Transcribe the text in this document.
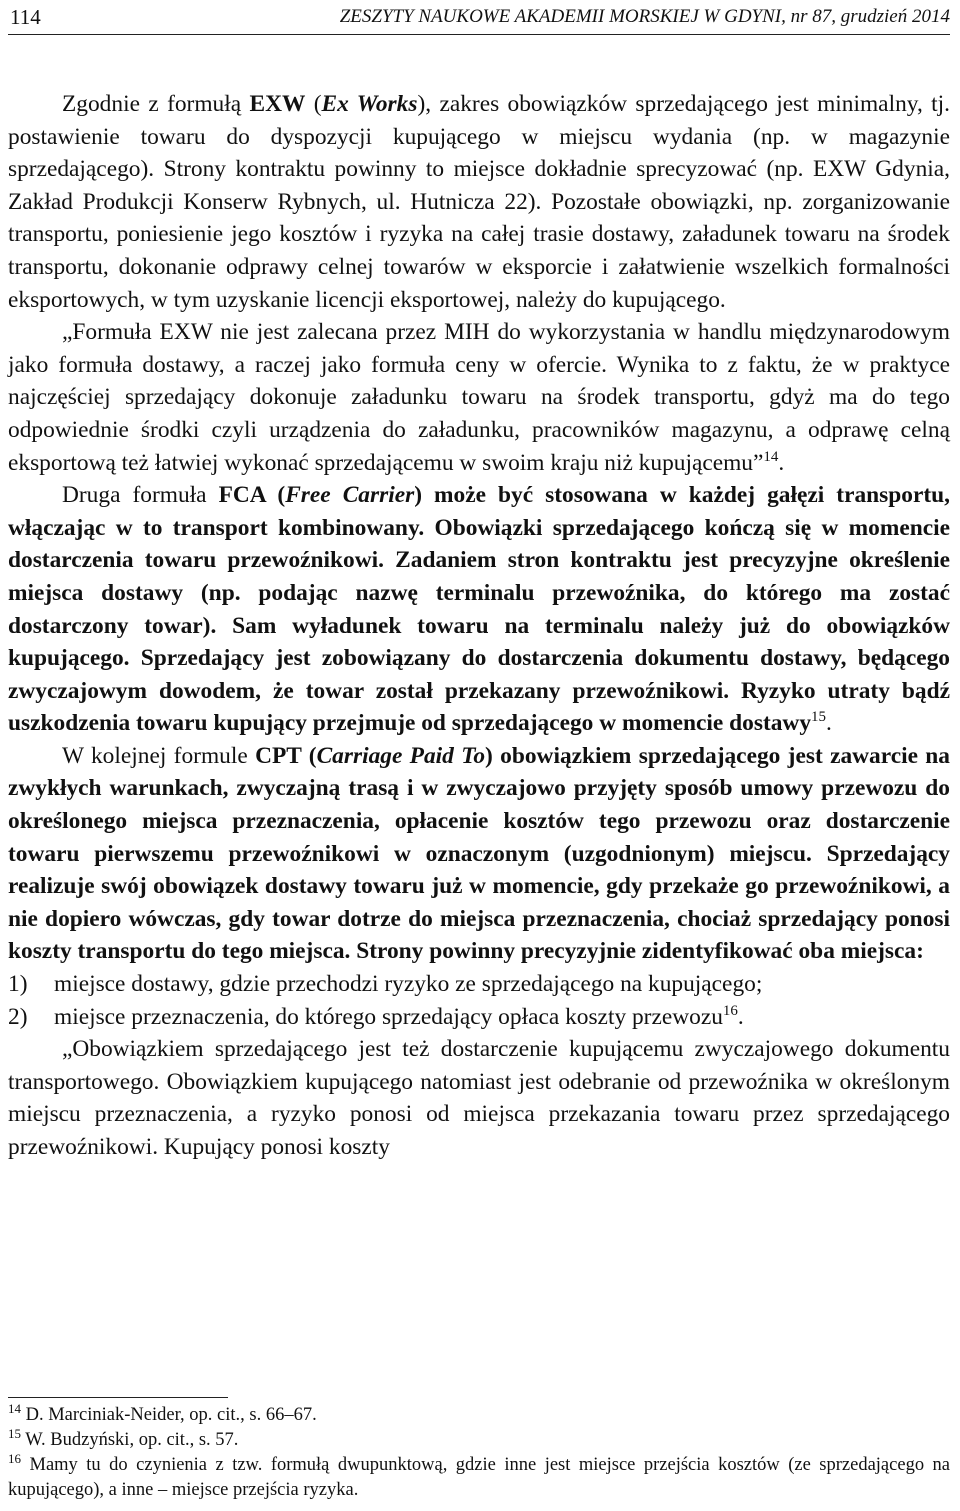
114	ZESZYTY NAUKOWE AKADEMII MORSKIEJ W GDYNI, nr 87, grudzień 2014

Zgodnie z formułą EXW (Ex Works), zakres obowiązków sprzedającego jest minimalny, tj. postawienie towaru do dyspozycji kupującego w miejscu wydania (np. w magazynie sprzedającego). Strony kontraktu powinny to miejsce dokładnie sprecyzować (np. EXW Gdynia, Zakład Produkcji Konserw Rybnych, ul. Hutnicza 22). Pozostałe obowiązki, np. zorganizowanie transportu, poniesienie jego kosztów i ryzyka na całej trasie dostawy, załadunek towaru na środek transportu, dokonanie odprawy celnej towarów w eksporcie i załatwienie wszelkich formalności eksportowych, w tym uzyskanie licencji eksportowej, należy do kupującego.

„Formuła EXW nie jest zalecana przez MIH do wykorzystania w handlu międzynarodowym jako formuła dostawy, a raczej jako formuła ceny w ofercie. Wynika to z faktu, że w praktyce najczęściej sprzedający dokonuje załadunku towaru na środek transportu, gdyż ma do tego odpowiednie środki czyli urządzenia do załadunku, pracowników magazynu, a odprawę celną eksportową też łatwiej wykonać sprzedającemu w swoim kraju niż kupującemu”$^{14}$.

Druga formuła FCA (Free Carrier) może być stosowana w każdej gałęzi transportu, włączając w to transport kombinowany. Obowiązki sprzedającego kończą się w momencie dostarczenia towaru przewoźnikowi. Zadaniem stron kontraktu jest precyzyjne określenie miejsca dostawy (np. podając nazwę terminalu przewoźnika, do którego ma zostać dostarczony towar). Sam wyładunek towaru na terminalu należy już do obowiązków kupującego. Sprzedający jest zobowiązany do dostarczenia dokumentu dostawy, będącego zwyczajowym dowodem, że towar został przekazany przewoźnikowi. Ryzyko utraty bądź uszkodzenia towaru kupujący przejmuje od sprzedającego w momencie dostawy$^{15}$.

W kolejnej formule CPT (Carriage Paid To) obowiązkiem sprzedającego jest zawarcie na zwykłych warunkach, zwyczajną trasą i w zwyczajowo przyjęty sposób umowy przewozu do określonego miejsca przeznaczenia, opłacenie kosztów tego przewozu oraz dostarczenie towaru pierwszemu przewoźnikowi w oznaczonym (uzgodnionym) miejscu. Sprzedający realizuje swój obowiązek dostawy towaru już w momencie, gdy przekaże go przewoźnikowi, a nie dopiero wówczas, gdy towar dotrze do miejsca przeznaczenia, chociaż sprzedający ponosi koszty transportu do tego miejsca. Strony powinny precyzyjnie zidentyfikować oba miejsca:

1) miejsce dostawy, gdzie przechodzi ryzyko ze sprzedającego na kupującego;

2) miejsce przeznaczenia, do którego sprzedający opłaca koszty przewozu$^{16}$.

„Obowiązkiem sprzedającego jest też dostarczenie kupującemu zwyczajowego dokumentu transportowego. Obowiązkiem kupującego natomiast jest odebranie od przewoźnika w określonym miejscu przeznaczenia, a ryzyko ponosi od miejsca przekazania towaru przez sprzedającego przewoźnikowi. Kupujący ponosi koszty

$^{14}$ D. Marciniak-Neider, op. cit., s. 66–67.

$^{15}$ W. Budzyński, op. cit., s. 57.

$^{16}$ Mamy tu do czynienia z tzw. formułą dwupunktową, gdzie inne jest miejsce przejścia kosztów (ze sprzedającego na kupującego), a inne – miejsce przejścia ryzyka.
